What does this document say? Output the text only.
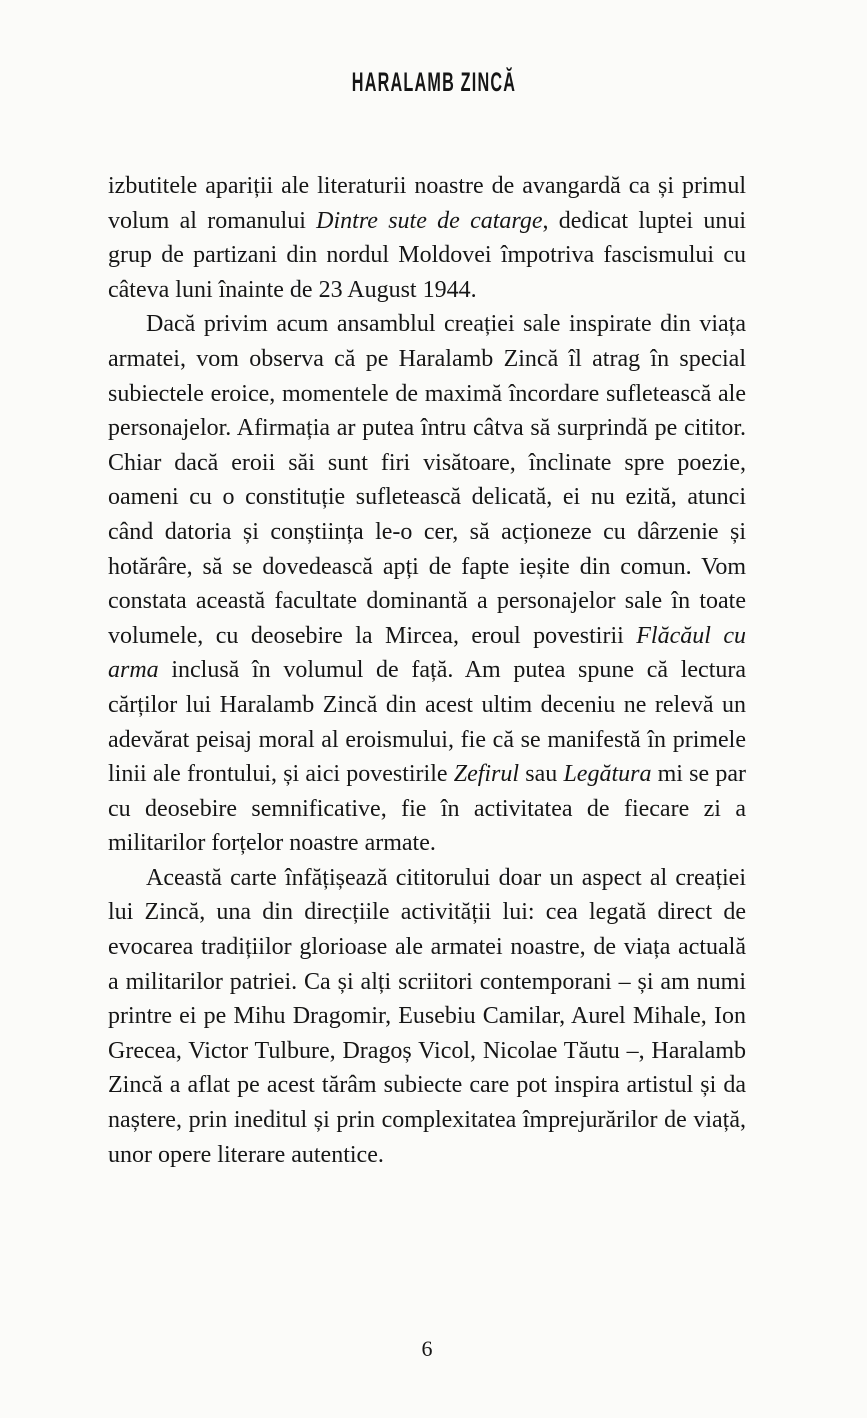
HARALAMB ZINCĂ

izbutitele apariții ale literaturii noastre de avangardă ca și primul volum al romanului Dintre sute de catarge, dedicat luptei unui grup de partizani din nordul Moldovei împotriva fascismului cu câteva luni înainte de 23 August 1944.

Dacă privim acum ansamblul creației sale inspirate din viața armatei, vom observa că pe Haralamb Zincă îl atrag în special subiectele eroice, momentele de maximă încordare sufletească ale personajelor. Afirmația ar putea întru câtva să surprindă pe cititor. Chiar dacă eroii săi sunt firi visătoare, înclinate spre poezie, oameni cu o constituție sufletească delicată, ei nu ezită, atunci când datoria și conștiința le-o cer, să acționeze cu dârzenie și hotărâre, să se dovedească apți de fapte ieșite din comun. Vom constata această facultate dominantă a personajelor sale în toate volumele, cu deosebire la Mircea, eroul povestirii Flăcăul cu arma inclusă în volumul de față. Am putea spune că lectura cărților lui Haralamb Zincă din acest ultim deceniu ne relevă un adevărat peisaj moral al eroismului, fie că se manifestă în primele linii ale frontului, și aici povestirile Zefirul sau Legătura mi se par cu deosebire semnificative, fie în activitatea de fiecare zi a militarilor forțelor noastre armate.

Această carte înfățișează cititorului doar un aspect al creației lui Zincă, una din direcțiile activității lui: cea legată direct de evocarea tradițiilor glorioase ale armatei noastre, de viața actuală a militarilor patriei. Ca și alți scriitori contemporani – și am numi printre ei pe Mihu Dragomir, Eusebiu Camilar, Aurel Mihale, Ion Grecea, Victor Tulbure, Dragoș Vicol, Nicolae Tăutu –, Haralamb Zincă a aflat pe acest tărâm subiecte care pot inspira artistul și da naștere, prin ineditul și prin complexitatea împrejurărilor de viață, unor opere literare autentice.

6
